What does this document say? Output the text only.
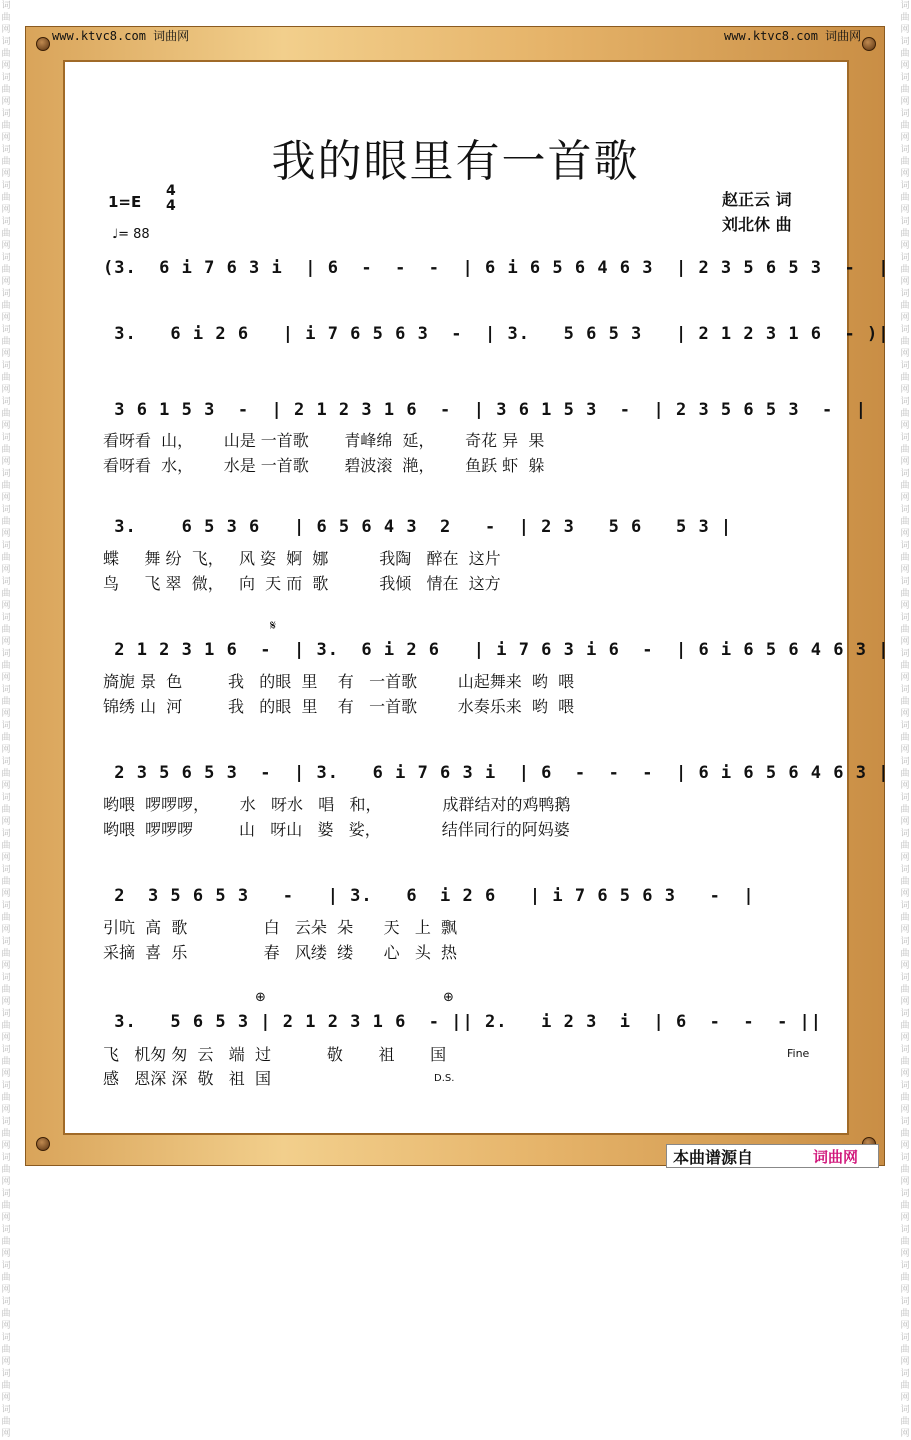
词曲网 词曲网 词曲网 词曲网 词曲网 词曲网 词曲网 词曲网 词曲网 词曲网 词曲网 词曲网 词曲网 词曲网 词曲网 词曲网 词曲网 词曲网 词曲网 词曲网 词曲网 词曲网 词曲网 词曲网 词曲网 词曲网 词曲网 词曲网 词曲网 词曲网 词曲网 词曲网 词曲网 词曲网 词曲网 词曲网 词曲网 词曲网 词曲网 词曲网
词曲网 词曲网 词曲网 词曲网 词曲网 词曲网 词曲网 词曲网 词曲网 词曲网 词曲网 词曲网 词曲网 词曲网 词曲网 词曲网 词曲网 词曲网 词曲网 词曲网 词曲网 词曲网 词曲网 词曲网 词曲网 词曲网 词曲网 词曲网 词曲网 词曲网 词曲网 词曲网 词曲网 词曲网 词曲网 词曲网 词曲网 词曲网 词曲网 词曲网
www.ktvc8.com 词曲网	www.ktvc8.com 词曲网
我的眼里有一首歌
1=E
4
4
♩= 88
赵正云 词
刘北休 曲
(3.  6 i 7 6 3 i  | 6  -  -  -  | 6 i 6 5 6 4 6 3  | 2 3 5 6 5 3  -  |
3.   6 i 2 6   | i 7 6 5 6 3  -  | 3.   5 6 5 3   | 2 1 2 3 1 6  - )|
3 6 1 5 3  -  | 2 1 2 3 1 6  -  | 3 6 1 5 3  -  | 2 3 5 6 5 3  -  |
看呀看  山，      山是 一首歌       青峰绵  延，      奇花 异  果
看呀看  水，      水是 一首歌       碧波滚  滟，      鱼跃 虾  躲
3.    6 5 3 6   | 6 5 6 4 3  2   -  | 2 3   5 6   5 3 |
蝶     舞 纷  飞，   风 姿  婀  娜          我陶   醉在  这片
鸟     飞 翠  微，   向  天 而  歌          我倾   情在  这方
𝄋
2 1 2 3 1 6  -  | 3.  6 i 2 6   | i 7 6 3 i 6  -  | 6 i 6 5 6 4 6 3 |
旖旎 景  色         我   的眼  里    有   一首歌        山起舞来  哟  喂
锦绣 山  河         我   的眼  里    有   一首歌        水奏乐来  哟  喂
2 3 5 6 5 3  -  | 3.   6 i 7 6 3 i  | 6  -  -  -  | 6 i 6 5 6 4 6 3 |
哟喂  啰啰啰，      水   呀水   唱   和，            成群结对的鸡鸭鹅
哟喂  啰啰啰         山   呀山   婆   娑，            结伴同行的阿妈婆
2  3 5 6 5 3   -   | 3.   6  i 2 6   | i 7 6 5 6 3   -  |
引吭  高  歌               白   云朵  朵      天   上  飘
采摘  喜  乐               春   风缕  缕      心   头  热
⊕	⊕
3.   5 6 5 3 | 2 1 2 3 1 6  - || 2.   i 2 3  i  | 6  -  -  - ||
飞   机匆 匆  云   端  过           敬       祖       国
感   恩深 深  敬   祖  国	D.S.
Fine
本曲谱源自	词曲网
